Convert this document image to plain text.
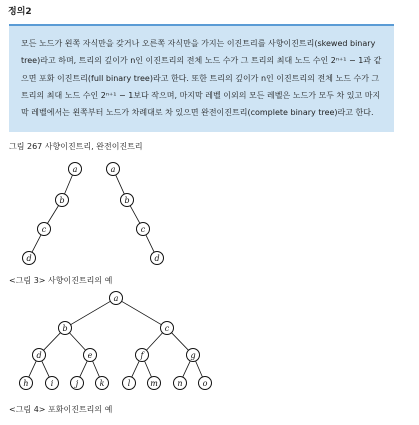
정의2

모든 노드가 왼쪽 자식만을 갖거나 오른쪽 자식만을 가지는 이진트리를 사향이진트리(skewed binary tree)라고 하며, 트리의 깊이가 n인 이진트리의 전체 노드 수가 그 트리의 최대 노드 수인 2ⁿ⁺¹ − 1과 같으면 포화 이진트리(full binary tree)라고 한다. 또한 트리의 깊이가 n인 이진트리의 전체 노드 수가 그 트리의 최대 노드 수인 2ⁿ⁺¹ − 1보다 작으며, 마지막 레벨 이외의 모든 레벨은 노드가 모두 차 있고 마지막 레벨에서는 왼쪽부터 노드가 차례대로 차 있으면 완전이진트리(complete binary tree)라고 한다.

그림 267 사향이진트리, 완전이진트리
<그림 3> 사향이진트리의 예
<그림 4> 포화이진트리의 예
a
b
c
d
a
b
c
d
a
b	c
d	e	f	g
h	i	j	k	l m n	o
